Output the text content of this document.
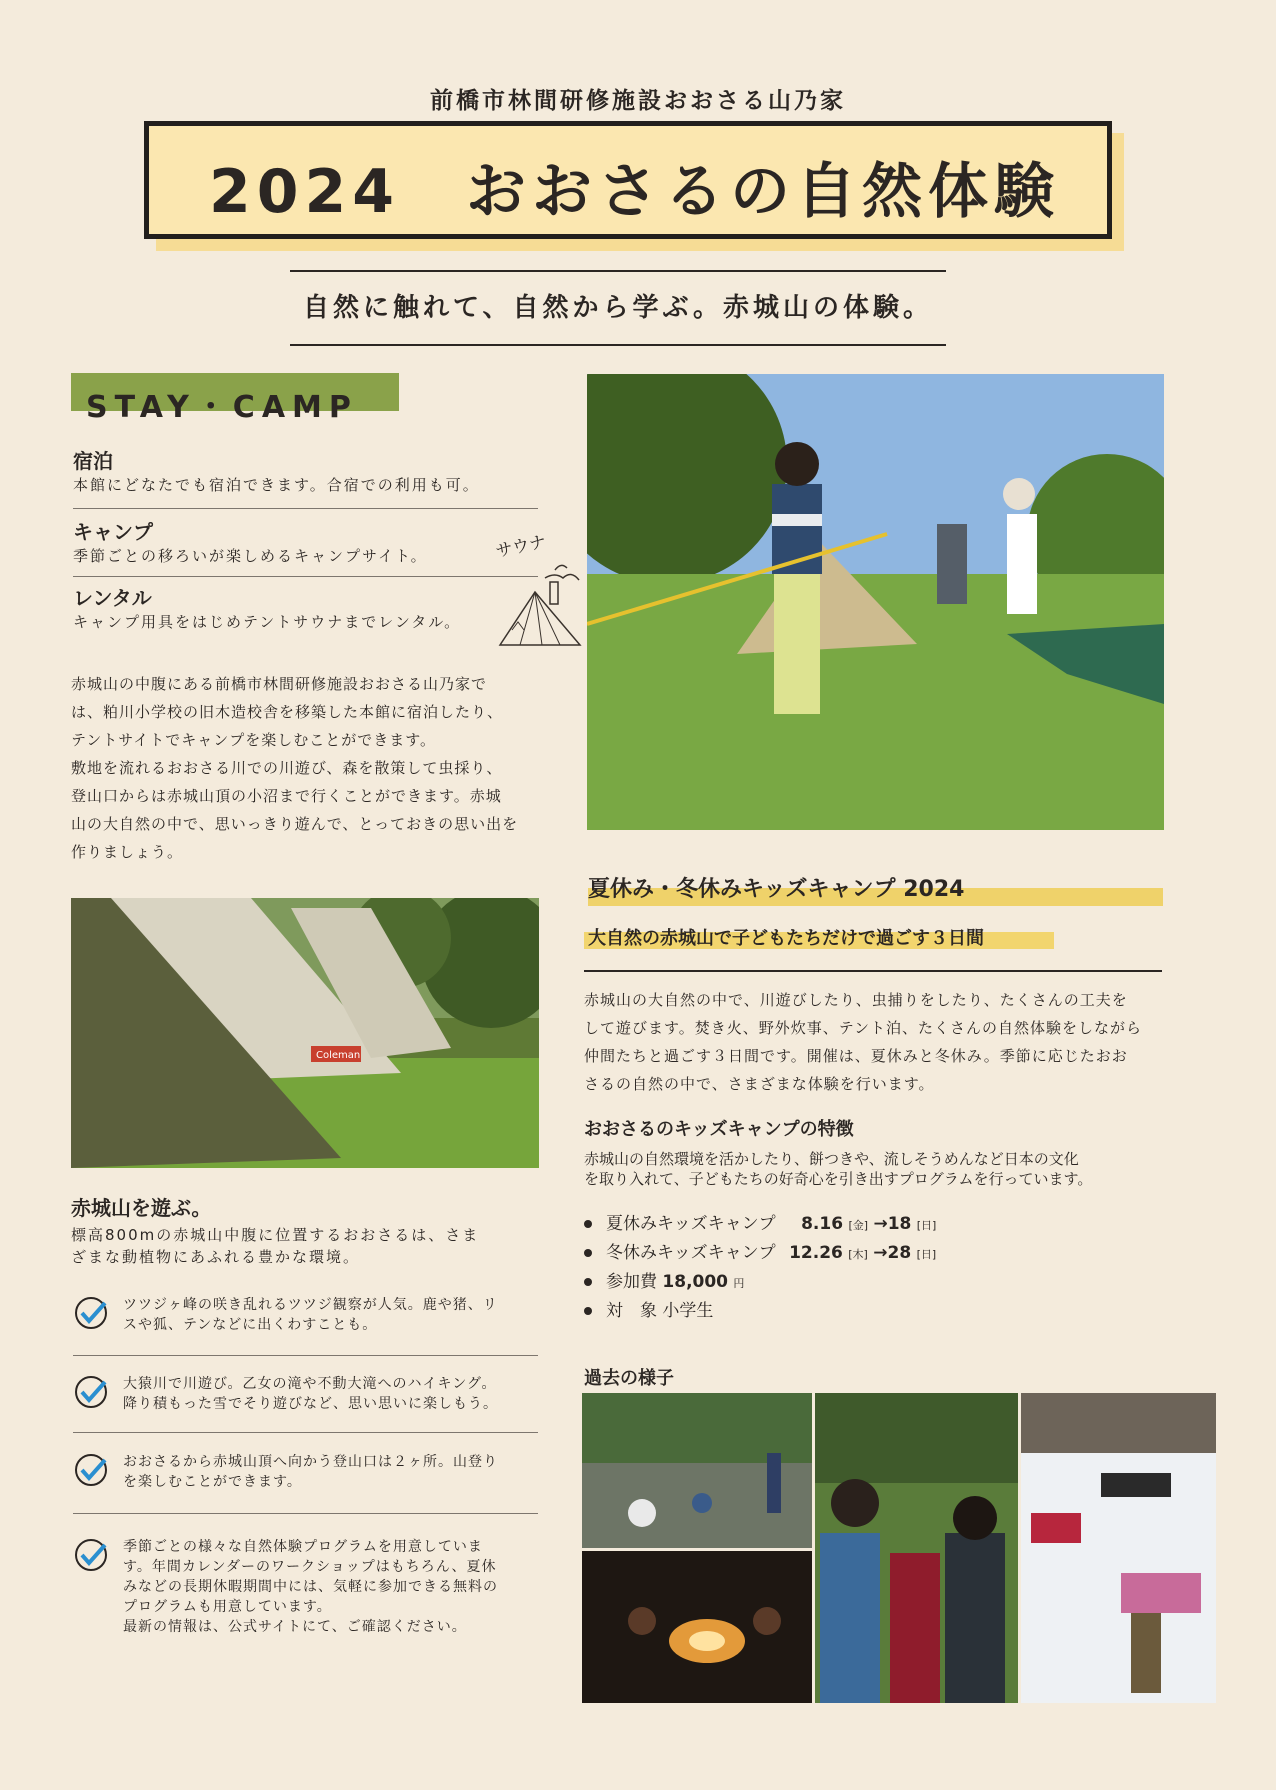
前橋市林間研修施設おおさる山乃家
2024　おおさるの自然体験
自然に触れて、自然から学ぶ。赤城山の体験。
STAY・CAMP
宿泊
本館にどなたでも宿泊できます。合宿での利用も可。
キャンプ
季節ごとの移ろいが楽しめるキャンプサイト。
レンタル
キャンプ用具をはじめテントサウナまでレンタル。
サウナ
赤城山の中腹にある前橋市林間研修施設おおさる山乃家で
は、粕川小学校の旧木造校舎を移築した本館に宿泊したり、
テントサイトでキャンプを楽しむことができます。
敷地を流れるおおさる川での川遊び、森を散策して虫採り、
登山口からは赤城山頂の小沼まで行くことができます。赤城
山の大自然の中で、思いっきり遊んで、とっておきの思い出を
作りましょう。
Coleman
赤城山を遊ぶ。
標高800mの赤城山中腹に位置するおおさるは、さま
ざまな動植物にあふれる豊かな環境。
ツツジヶ峰の咲き乱れるツツジ観察が人気。鹿や猪、リ
スや狐、テンなどに出くわすことも。
大猿川で川遊び。乙女の滝や不動大滝へのハイキング。
降り積もった雪でそり遊びなど、思い思いに楽しもう。
おおさるから赤城山頂へ向かう登山口は２ヶ所。山登り
を楽しむことができます。
季節ごとの様々な自然体験プログラムを用意していま
す。年間カレンダーのワークショップはもちろん、夏休
みなどの長期休暇期間中には、気軽に参加できる無料の
プログラムも用意しています。
最新の情報は、公式サイトにて、ご確認ください。
夏休み・冬休みキッズキャンプ 2024
大自然の赤城山で子どもたちだけで過ごす３日間
赤城山の大自然の中で、川遊びしたり、虫捕りをしたり、たくさんの工夫を
して遊びます。焚き火、野外炊事、テント泊、たくさんの自然体験をしながら
仲間たちと過ごす３日間です。開催は、夏休みと冬休み。季節に応じたおお
さるの自然の中で、さまざまな体験を行います。
おおさるのキッズキャンプの特徴
赤城山の自然環境を活かしたり、餅つきや、流しそうめんなど日本の文化
を取り入れて、子どもたちの好奇心を引き出すプログラムを行っています。
夏休みキッズキャンプ 8.16 [金] →18 [日]
冬休みキッズキャンプ 12.26 [木] →28 [日]
参加費 18,000 円
対　象 小学生
過去の様子
